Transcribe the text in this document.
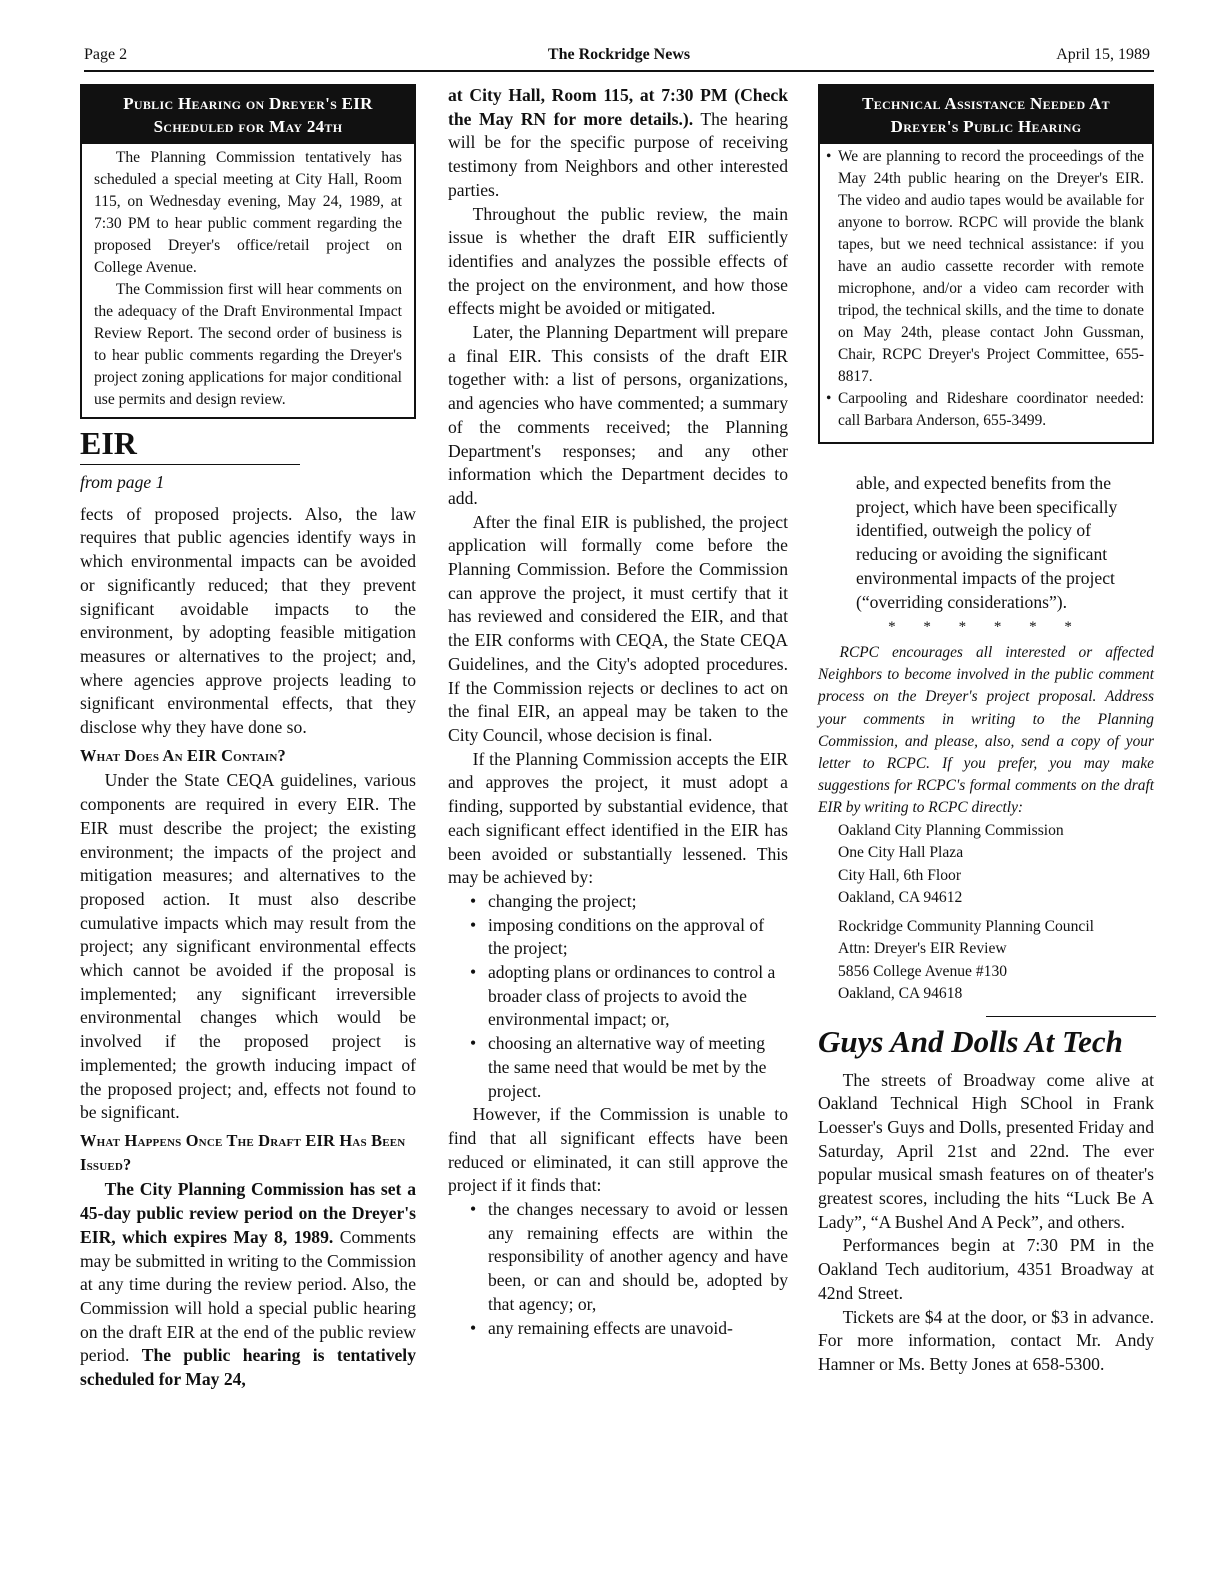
Page 2	The Rockridge News	April 15, 1989
Public Hearing on Dreyer's EIR Scheduled for May 24th

The Planning Commission tentatively has scheduled a special meeting at City Hall, Room 115, on Wednesday evening, May 24, 1989, at 7:30 PM to hear public comment regarding the proposed Dreyer's office/retail project on College Avenue.

The Commission first will hear comments on the adequacy of the Draft Environmental Impact Review Report. The second order of business is to hear public comments regarding the Dreyer's project zoning applications for major conditional use permits and design review.

EIR
from page 1

fects of proposed projects. Also, the law requires that public agencies identify ways in which environmental impacts can be avoided or significantly reduced; that they prevent significant avoidable impacts to the environment, by adopting feasible mitigation measures or alternatives to the project; and, where agencies approve projects leading to significant environmental effects, that they disclose why they have done so.

What Does An EIR Contain?

Under the State CEQA guidelines, various components are required in every EIR. The EIR must describe the project; the existing environment; the impacts of the project and mitigation measures; and alternatives to the proposed action. It must also describe cumulative impacts which may result from the project; any significant environmental effects which cannot be avoided if the proposal is implemented; any significant irreversible environmental changes which would be involved if the proposed project is implemented; the growth inducing impact of the proposed project; and, effects not found to be significant.

What Happens Once The Draft EIR Has Been Issued?

The City Planning Commission has set a 45-day public review period on the Dreyer's EIR, which expires May 8, 1989. Comments may be submitted in writing to the Commission at any time during the review period. Also, the Commission will hold a special public hearing on the draft EIR at the end of the public review period. The public hearing is tentatively scheduled for May 24,

at City Hall, Room 115, at 7:30 PM (Check the May RN for more details.). The hearing will be for the specific purpose of receiving testimony from Neighbors and other interested parties.

Throughout the public review, the main issue is whether the draft EIR sufficiently identifies and analyzes the possible effects of the project on the environment, and how those effects might be avoided or mitigated.

Later, the Planning Department will prepare a final EIR. This consists of the draft EIR together with: a list of persons, organizations, and agencies who have commented; a summary of the comments received; the Planning Department's responses; and any other information which the Department decides to add.

After the final EIR is published, the project application will formally come before the Planning Commission. Before the Commission can approve the project, it must certify that it has reviewed and considered the EIR, and that the EIR conforms with CEQA, the State CEQA Guidelines, and the City's adopted procedures. If the Commission rejects or declines to act on the final EIR, an appeal may be taken to the City Council, whose decision is final.

If the Planning Commission accepts the EIR and approves the project, it must adopt a finding, supported by substantial evidence, that each significant effect identified in the EIR has been avoided or substantially lessened. This may be achieved by:

• changing the project;
• imposing conditions on the approval of the project;
• adopting plans or ordinances to control a broader class of projects to avoid the environmental impact; or,
• choosing an alternative way of meeting the same need that would be met by the project.

However, if the Commission is unable to find that all significant effects have been reduced or eliminated, it can still approve the project if it finds that:

• the changes necessary to avoid or lessen any remaining effects are within the responsibility of another agency and have been, or can and should be, adopted by that agency; or,
• any remaining effects are unavoid-
Technical Assistance Needed At Dreyer's Public Hearing
• We are planning to record the proceedings of the May 24th public hearing on the Dreyer's EIR. The video and audio tapes would be available for anyone to borrow. RCPC will provide the blank tapes, but we need technical assistance: if you have an audio cassette recorder with remote microphone, and/or a video cam recorder with tripod, the technical skills, and the time to donate on May 24th, please contact John Gussman, Chair, RCPC Dreyer's Project Committee, 655-8817.
• Carpooling and Rideshare coordinator needed: call Barbara Anderson, 655-3499.

able, and expected benefits from the project, which have been specifically identified, outweigh the policy of reducing or avoiding the significant environmental impacts of the project (“overriding considerations”).

* * * * * *

RCPC encourages all interested or affected Neighbors to become involved in the public comment process on the Dreyer's project proposal. Address your comments in writing to the Planning Commission, and please, also, send a copy of your letter to RCPC. If you prefer, you may make suggestions for RCPC's formal comments on the draft EIR by writing to RCPC directly:

Oakland City Planning Commission
One City Hall Plaza
City Hall, 6th Floor
Oakland, CA 94612
Rockridge Community Planning Council
Attn: Dreyer's EIR Review
5856 College Avenue #130
Oakland, CA 94618
Guys And Dolls At Tech

The streets of Broadway come alive at Oakland Technical High SChool in Frank Loesser's Guys and Dolls, presented Friday and Saturday, April 21st and 22nd. The ever popular musical smash features on of theater's greatest scores, including the hits “Luck Be A Lady”, “A Bushel And A Peck”, and others.

Performances begin at 7:30 PM in the Oakland Tech auditorium, 4351 Broadway at 42nd Street.

Tickets are $4 at the door, or $3 in advance. For more information, contact Mr. Andy Hamner or Ms. Betty Jones at 658-5300.
